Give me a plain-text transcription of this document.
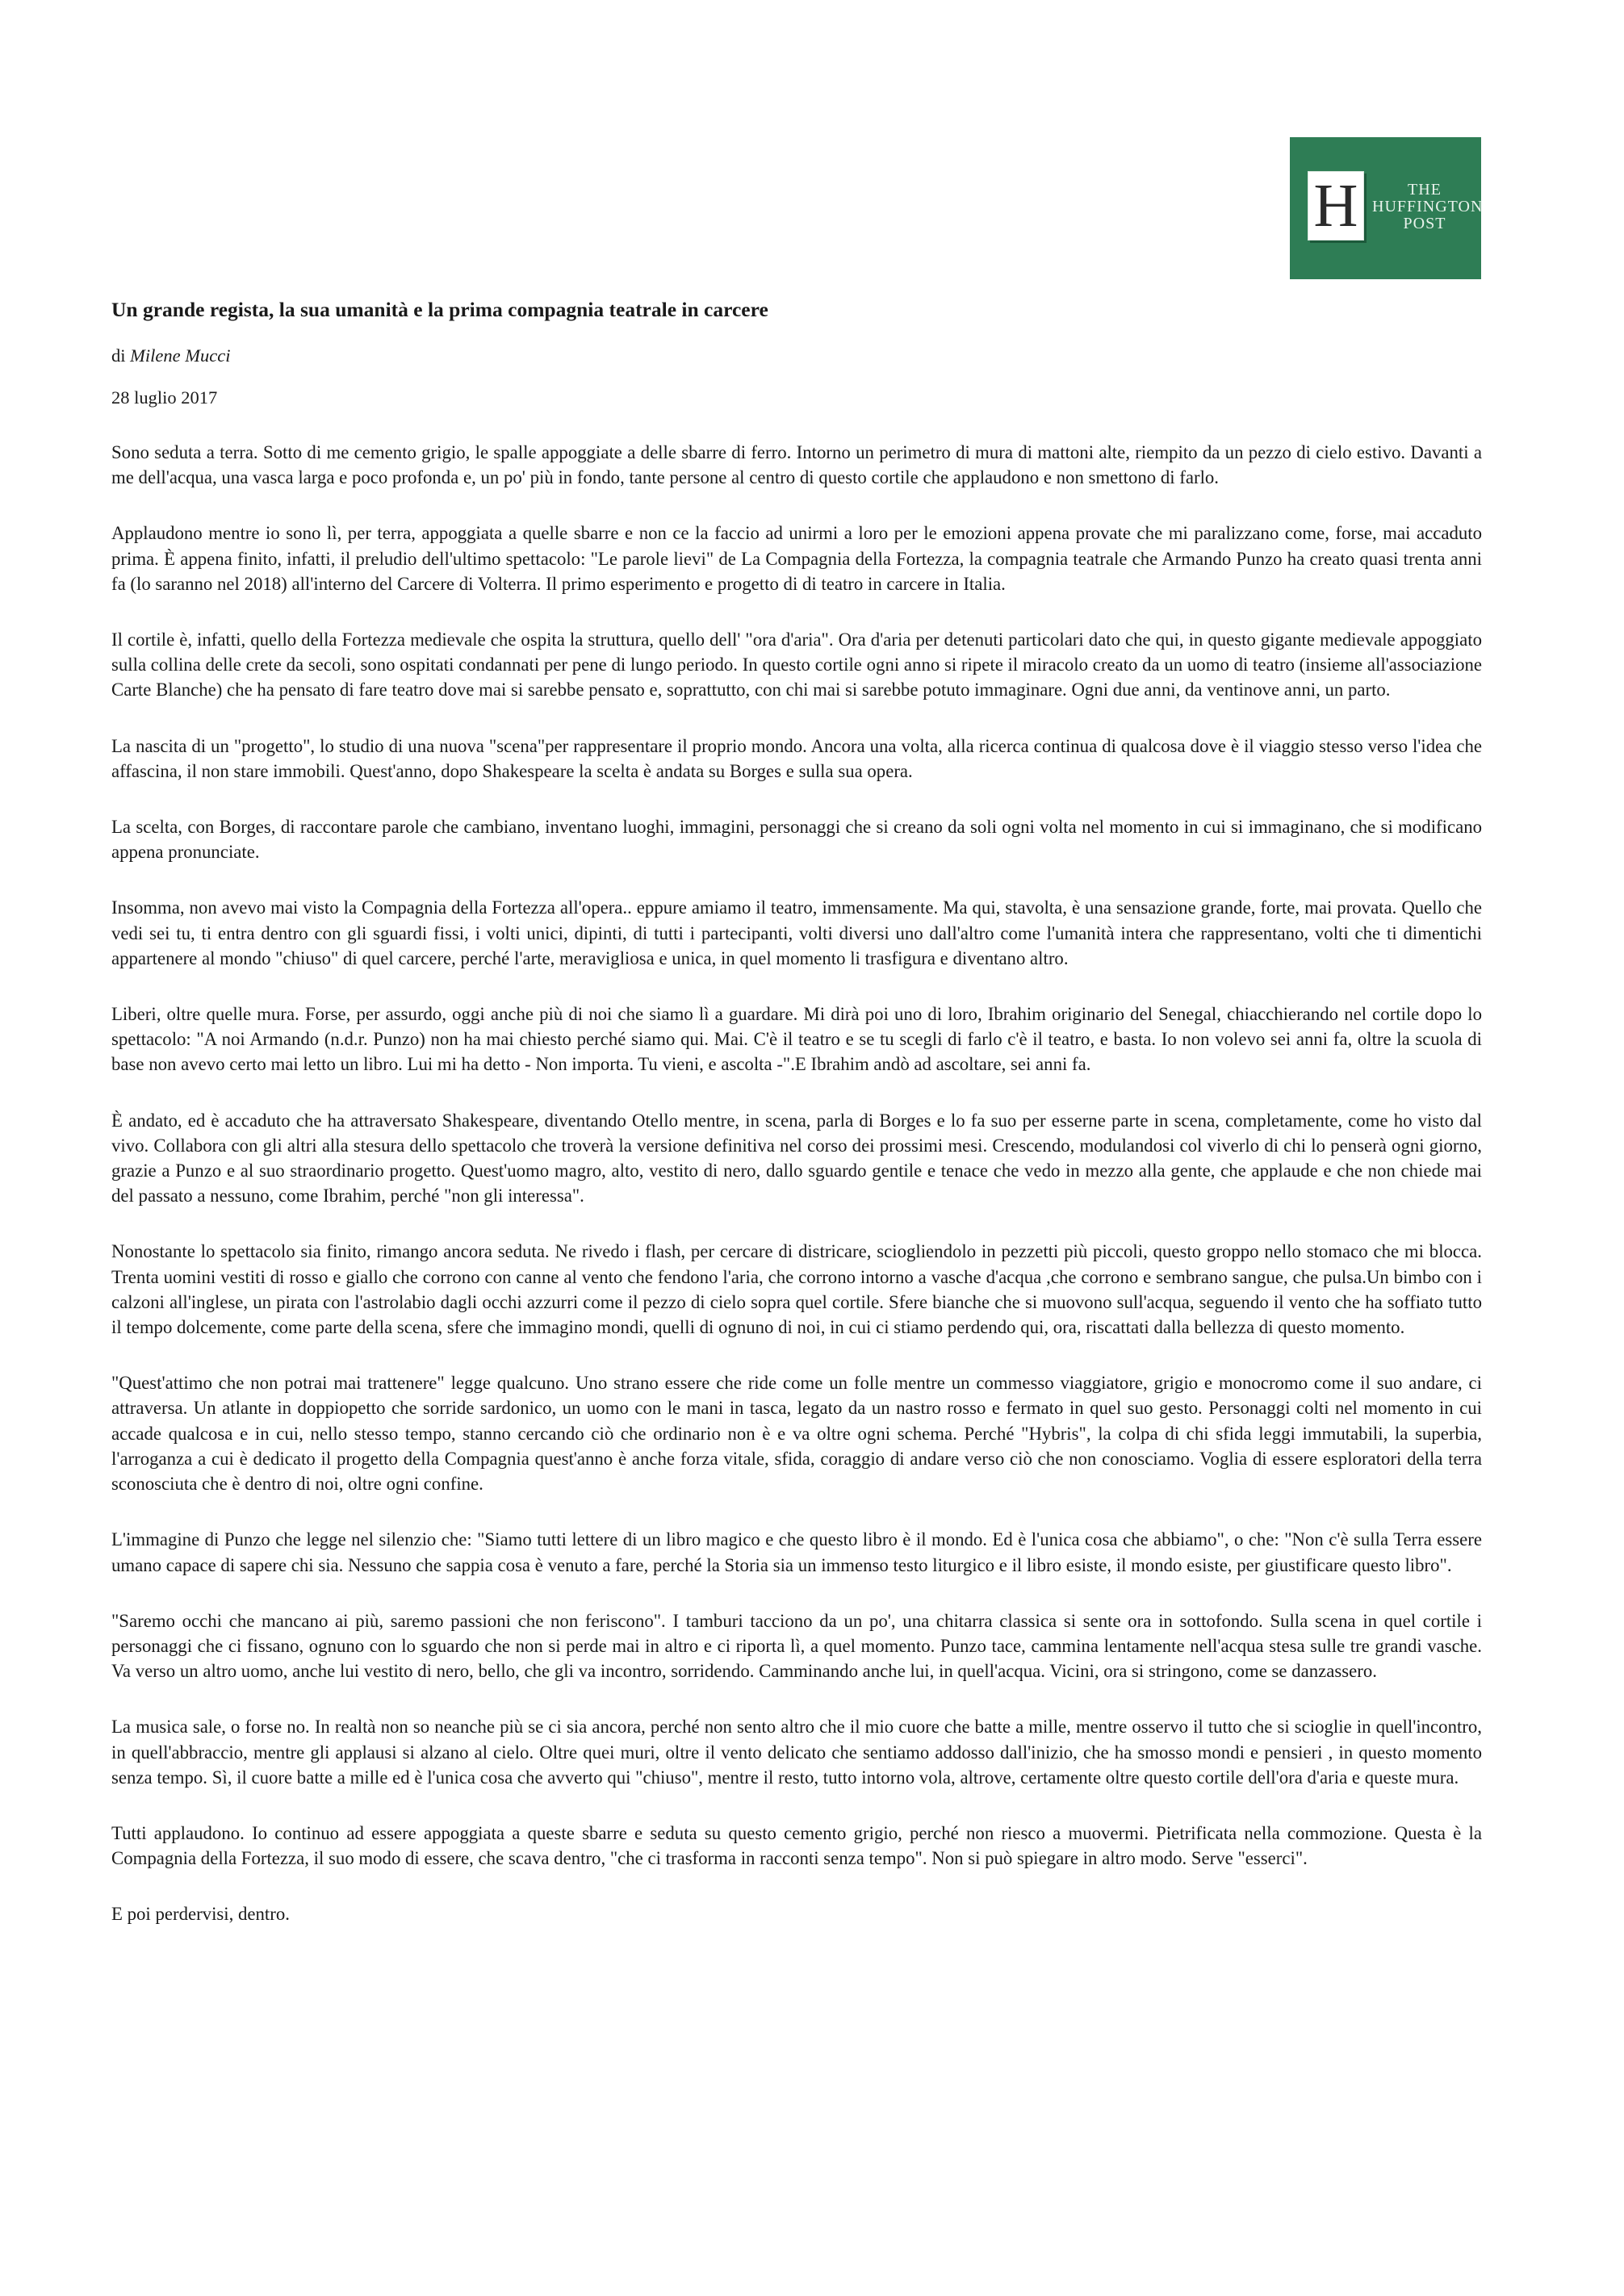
H	THE
HUFFINGTON
POST
Un grande regista, la sua umanità e la prima compagnia teatrale in carcere
di Milene Mucci
28 luglio 2017

Sono seduta a terra. Sotto di me cemento grigio, le spalle appoggiate a delle sbarre di ferro. Intorno un perimetro di mura di mattoni alte, riempito da un pezzo di cielo estivo. Davanti a me dell'acqua, una vasca larga e poco profonda e, un po' più in fondo, tante persone al centro di questo cortile che applaudono e non smettono di farlo.

Applaudono mentre io sono lì, per terra, appoggiata a quelle sbarre e non ce la faccio ad unirmi a loro per le emozioni appena provate che mi paralizzano come, forse, mai accaduto prima. È appena finito, infatti, il preludio dell'ultimo spettacolo: "Le parole lievi" de La Compagnia della Fortezza, la compagnia teatrale che Armando Punzo ha creato quasi trenta anni fa (lo saranno nel 2018) all'interno del Carcere di Volterra. Il primo esperimento e progetto di di teatro in carcere in Italia.

Il cortile è, infatti, quello della Fortezza medievale che ospita la struttura, quello dell' "ora d'aria". Ora d'aria per detenuti particolari dato che qui, in questo gigante medievale appoggiato sulla collina delle crete da secoli, sono ospitati condannati per pene di lungo periodo. In questo cortile ogni anno si ripete il miracolo creato da un uomo di teatro (insieme all'associazione Carte Blanche) che ha pensato di fare teatro dove mai si sarebbe pensato e, soprattutto, con chi mai si sarebbe potuto immaginare. Ogni due anni, da ventinove anni, un parto.

La nascita di un "progetto", lo studio di una nuova "scena"per rappresentare il proprio mondo. Ancora una volta, alla ricerca continua di qualcosa dove è il viaggio stesso verso l'idea che affascina, il non stare immobili. Quest'anno, dopo Shakespeare la scelta è andata su Borges e sulla sua opera.

La scelta, con Borges, di raccontare parole che cambiano, inventano luoghi, immagini, personaggi che si creano da soli ogni volta nel momento in cui si immaginano, che si modificano appena pronunciate.

Insomma, non avevo mai visto la Compagnia della Fortezza all'opera.. eppure amiamo il teatro, immensamente. Ma qui, stavolta, è una sensazione grande, forte, mai provata. Quello che vedi sei tu, ti entra dentro con gli sguardi fissi, i volti unici, dipinti, di tutti i partecipanti, volti diversi uno dall'altro come l'umanità intera che rappresentano, volti che ti dimentichi appartenere al mondo "chiuso" di quel carcere, perché l'arte, meravigliosa e unica, in quel momento li trasfigura e diventano altro.

Liberi, oltre quelle mura. Forse, per assurdo, oggi anche più di noi che siamo lì a guardare. Mi dirà poi uno di loro, Ibrahim originario del Senegal, chiacchierando nel cortile dopo lo spettacolo: "A noi Armando (n.d.r. Punzo) non ha mai chiesto perché siamo qui. Mai. C'è il teatro e se tu scegli di farlo c'è il teatro, e basta. Io non volevo sei anni fa, oltre la scuola di base non avevo certo mai letto un libro. Lui mi ha detto - Non importa. Tu vieni, e ascolta -".E Ibrahim andò ad ascoltare, sei anni fa.

È andato, ed è accaduto che ha attraversato Shakespeare, diventando Otello mentre, in scena, parla di Borges e lo fa suo per esserne parte in scena, completamente, come ho visto dal vivo. Collabora con gli altri alla stesura dello spettacolo che troverà la versione definitiva nel corso dei prossimi mesi. Crescendo, modulandosi col viverlo di chi lo penserà ogni giorno, grazie a Punzo e al suo straordinario progetto. Quest'uomo magro, alto, vestito di nero, dallo sguardo gentile e tenace che vedo in mezzo alla gente, che applaude e che non chiede mai del passato a nessuno, come Ibrahim, perché "non gli interessa".

Nonostante lo spettacolo sia finito, rimango ancora seduta. Ne rivedo i flash, per cercare di districare, sciogliendolo in pezzetti più piccoli, questo groppo nello stomaco che mi blocca. Trenta uomini vestiti di rosso e giallo che corrono con canne al vento che fendono l'aria, che corrono intorno a vasche d'acqua ,che corrono e sembrano sangue, che pulsa.Un bimbo con i calzoni all'inglese, un pirata con l'astrolabio dagli occhi azzurri come il pezzo di cielo sopra quel cortile. Sfere bianche che si muovono sull'acqua, seguendo il vento che ha soffiato tutto il tempo dolcemente, come parte della scena, sfere che immagino mondi, quelli di ognuno di noi, in cui ci stiamo perdendo qui, ora, riscattati dalla bellezza di questo momento.

"Quest'attimo che non potrai mai trattenere" legge qualcuno. Uno strano essere che ride come un folle mentre un commesso viaggiatore, grigio e monocromo come il suo andare, ci attraversa. Un atlante in doppiopetto che sorride sardonico, un uomo con le mani in tasca, legato da un nastro rosso e fermato in quel suo gesto. Personaggi colti nel momento in cui accade qualcosa e in cui, nello stesso tempo, stanno cercando ciò che ordinario non è e va oltre ogni schema. Perché "Hybris", la colpa di chi sfida leggi immutabili, la superbia, l'arroganza a cui è dedicato il progetto della Compagnia quest'anno è anche forza vitale, sfida, coraggio di andare verso ciò che non conosciamo. Voglia di essere esploratori della terra sconosciuta che è dentro di noi, oltre ogni confine.

L'immagine di Punzo che legge nel silenzio che: "Siamo tutti lettere di un libro magico e che questo libro è il mondo. Ed è l'unica cosa che abbiamo", o che: "Non c'è sulla Terra essere umano capace di sapere chi sia. Nessuno che sappia cosa è venuto a fare, perché la Storia sia un immenso testo liturgico e il libro esiste, il mondo esiste, per giustificare questo libro".

"Saremo occhi che mancano ai più, saremo passioni che non feriscono". I tamburi tacciono da un po', una chitarra classica si sente ora in sottofondo. Sulla scena in quel cortile i personaggi che ci fissano, ognuno con lo sguardo che non si perde mai in altro e ci riporta lì, a quel momento. Punzo tace, cammina lentamente nell'acqua stesa sulle tre grandi vasche. Va verso un altro uomo, anche lui vestito di nero, bello, che gli va incontro, sorridendo. Camminando anche lui, in quell'acqua. Vicini, ora si stringono, come se danzassero.

La musica sale, o forse no. In realtà non so neanche più se ci sia ancora, perché non sento altro che il mio cuore che batte a mille, mentre osservo il tutto che si scioglie in quell'incontro, in quell'abbraccio, mentre gli applausi si alzano al cielo. Oltre quei muri, oltre il vento delicato che sentiamo addosso dall'inizio, che ha smosso mondi e pensieri , in questo momento senza tempo. Sì, il cuore batte a mille ed è l'unica cosa che avverto qui "chiuso", mentre il resto, tutto intorno vola, altrove, certamente oltre questo cortile dell'ora d'aria e queste mura.

Tutti applaudono. Io continuo ad essere appoggiata a queste sbarre e seduta su questo cemento grigio, perché non riesco a muovermi. Pietrificata nella commozione. Questa è la Compagnia della Fortezza, il suo modo di essere, che scava dentro, "che ci trasforma in racconti senza tempo". Non si può spiegare in altro modo. Serve "esserci".

E poi perdervisi, dentro.
